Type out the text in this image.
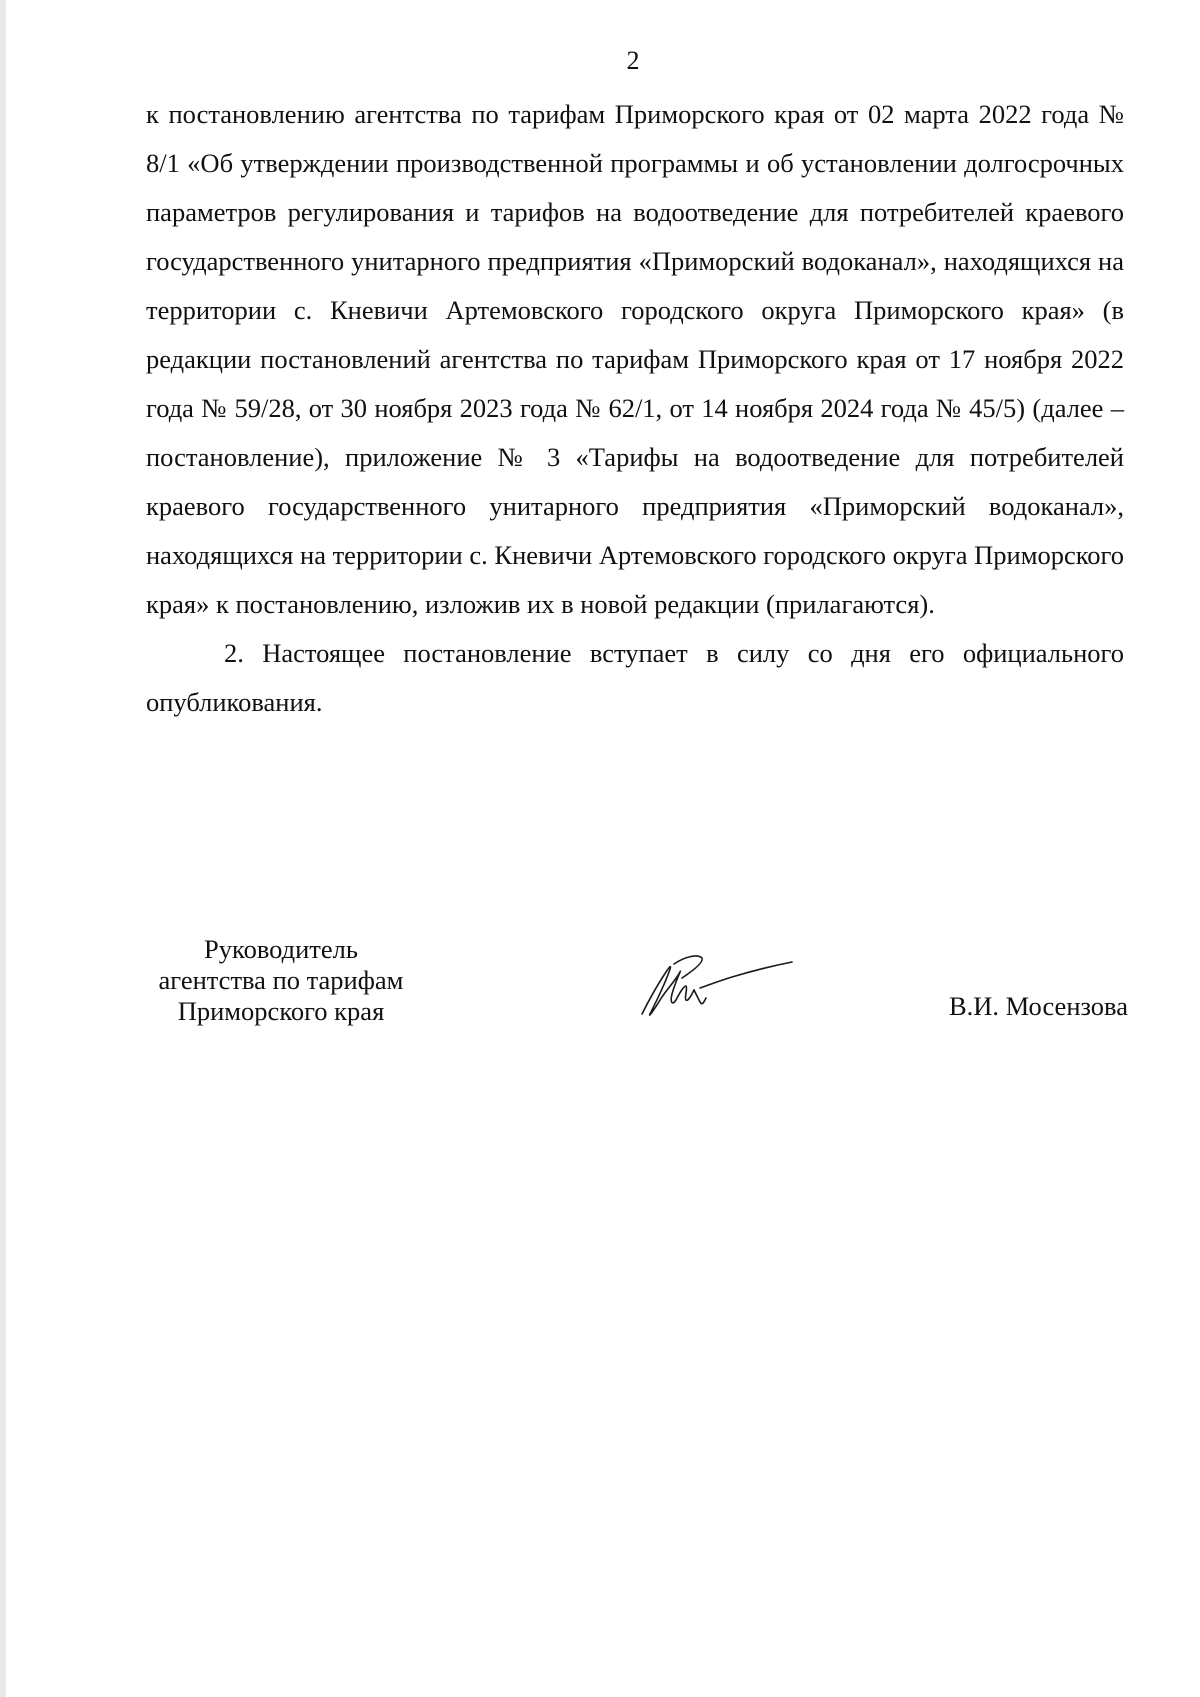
2

к постановлению агентства по тарифам Приморского края от 02 марта 2022 года № 8/1 «Об утверждении производственной программы и об установлении долгосрочных параметров регулирования и тарифов на водоотведение для потребителей краевого государственного унитарного предприятия «Приморский водоканал», находящихся на территории с. Кневичи Артемовского городского округа Приморского края» (в редакции постановлений агентства по тарифам Приморского края от 17 ноября 2022 года № 59/28, от 30 ноября 2023 года № 62/1, от 14 ноября 2024 года № 45/5) (далее – постановление), приложение № 3 «Тарифы на водоотведение для потребителей краевого государственного унитарного предприятия «Приморский водоканал», находящихся на территории с. Кневичи Артемовского городского округа Приморского края» к постановлению, изложив их в новой редакции (прилагаются).

2. Настоящее постановление вступает в силу со дня его официального опубликования.

Руководитель
агентства по тарифам
Приморского края	В.И. Мосензова
